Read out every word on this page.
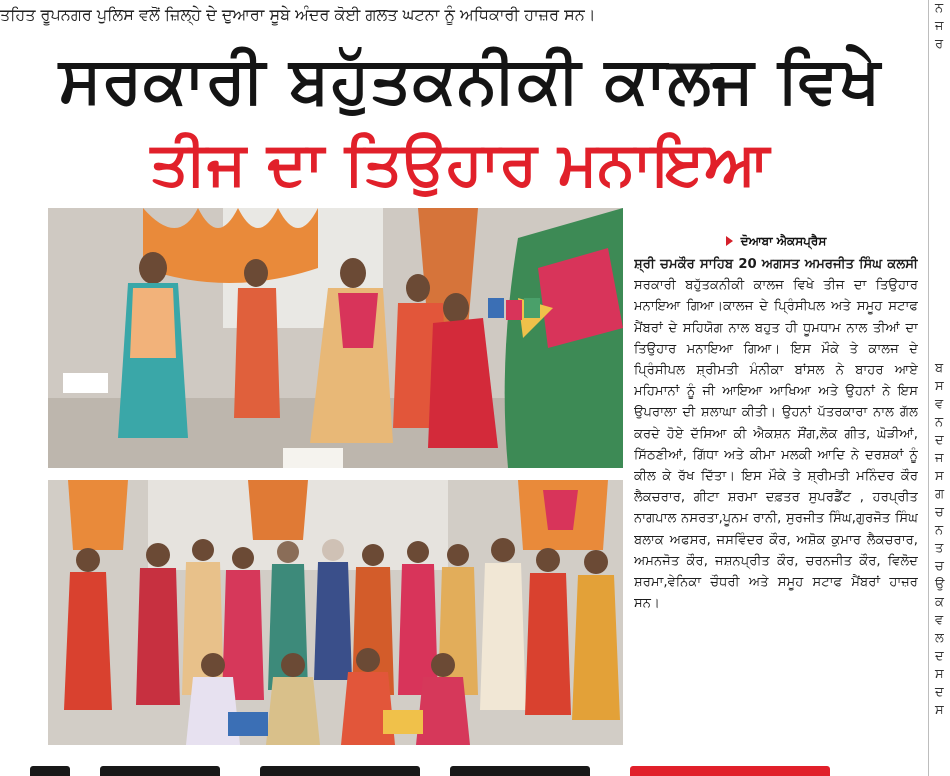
ਤਹਿਤ ਰੂਪਨਗਰ ਪੁਲਿਸ ਵਲੋਂ ਜ਼ਿਲ੍ਹੇ ਦੇ ਦੁਆਰਾ ਸੂਬੇ ਅੰਦਰ ਕੋਈ ਗਲਤ ਘਟਨਾ ਨੂੰ ਅਧਿਕਾਰੀ ਹਾਜ਼ਰ ਸਨ।	ਨ
ਜ
ਰ

ਬ
ਸ
ਵ
ਨ
ਦ
ਜ
ਸ
ਗ
ਚ
ਨ
ਤ
ਚ
ਉ
ਕ
ਵ
ਲ
ਦ
ਸ
ਦ
ਸ
ਸਰਕਾਰੀ ਬਹੁੱਤਕਨੀਕੀ ਕਾਲਜ ਵਿਖੇ
ਤੀਜ ਦਾ ਤਿਉਹਾਰ ਮਨਾਇਆ
ਦੋਆਬਾ ਐਕਸਪ੍ਰੈਸ

ਸ਼੍ਰੀ ਚਮਕੌਰ ਸਾਹਿਬ 20 ਅਗਸਤ ਅਮਰਜੀਤ ਸਿੰਘ ਕਲਸੀ ਸਰਕਾਰੀ ਬਹੁੱਤਕਨੀਕੀ ਕਾਲਜ ਵਿਖੇ ਤੀਜ ਦਾ ਤਿਉਹਾਰ ਮਨਾਇਆ ਗਿਆ।ਕਾਲਜ ਦੇ ਪ੍ਰਿੰਸੀਪਲ ਅਤੇ ਸਮੂਹ ਸਟਾਫ ਮੈਂਬਰਾਂ ਦੇ ਸਹਿਯੋਗ ਨਾਲ ਬਹੁਤ ਹੀ ਧੂਮਧਾਮ ਨਾਲ ਤੀਆਂ ਦਾ ਤਿਉਹਾਰ ਮਨਾਇਆ ਗਿਆ। ਇਸ ਮੌਕੇ ਤੇ ਕਾਲਜ ਦੇ ਪ੍ਰਿੰਸੀਪਲ ਸ਼੍ਰੀਮਤੀ ਮੰਨੀਕਾ ਬਾਂਸਲ ਨੇ ਬਾਹਰ ਆਏ ਮਹਿਮਾਨਾਂ ਨੂੰ ਜੀ ਆਇਆ ਆਖਿਆ ਅਤੇ ਉਹਨਾਂ ਨੇ ਇਸ ਉਪਰਾਲਾ ਦੀ ਸ਼ਲਾਘਾ ਕੀਤੀ। ਉਹਨਾਂ ਪੱਤਰਕਾਰਾ ਨਾਲ ਗੱਲ ਕਰਦੇ ਹੋਏ ਦੱਸਿਆ ਕੀ ਐਕਸ਼ਨ ਸੌਂਗ,ਲੋਕ ਗੀਤ, ਘੋੜੀਆਂ, ਸਿੱਠਣੀਆਂ, ਗਿੱਧਾ ਅਤੇ ਕੀਮਾ ਮਲਕੀ ਆਦਿ ਨੇ ਦਰਸ਼ਕਾਂ ਨੂੰ ਕੀਲ ਕੇ ਰੱਖ ਦਿੱਤਾ। ਇਸ ਮੌਕੇ ਤੇ ਸ਼੍ਰੀਮਤੀ ਮਨਿੰਦਰ ਕੌਰ ਲੈਕਚਰਾਰ, ਗੀਟਾ ਸ਼ਰਮਾ ਦਫ਼ਤਰ ਸੁਪਰਡੈਂਟ , ਹਰਪ੍ਰੀਤ ਨਾਗਪਾਲ ਨਸਰਤਾ,ਪੂਨਮ ਰਾਨੀ, ਸੁਰਜੀਤ ਸਿੰਘ,ਗੁਰਜੋਤ ਸਿੰਘ ਬਲਾਕ ਅਫਸਰ, ਜਸਵਿੰਦਰ ਕੌਰ, ਅਸ਼ੋਕ ਕੁਮਾਰ ਲੈਕਚਰਾਰ, ਅਮਨਜੋਤ ਕੌਰ, ਜਸ਼ਨਪ੍ਰੀਤ ਕੌਰ, ਚਰਨਜੀਤ ਕੌਰ, ਵਿਲੋਦ ਸ਼ਰਮਾ,ਵੇਨਿਕਾ ਚੌਧਰੀ ਅਤੇ ਸਮੂਹ ਸਟਾਫ ਮੈਂਬਰਾਂ ਹਾਜ਼ਰ ਸਨ।
